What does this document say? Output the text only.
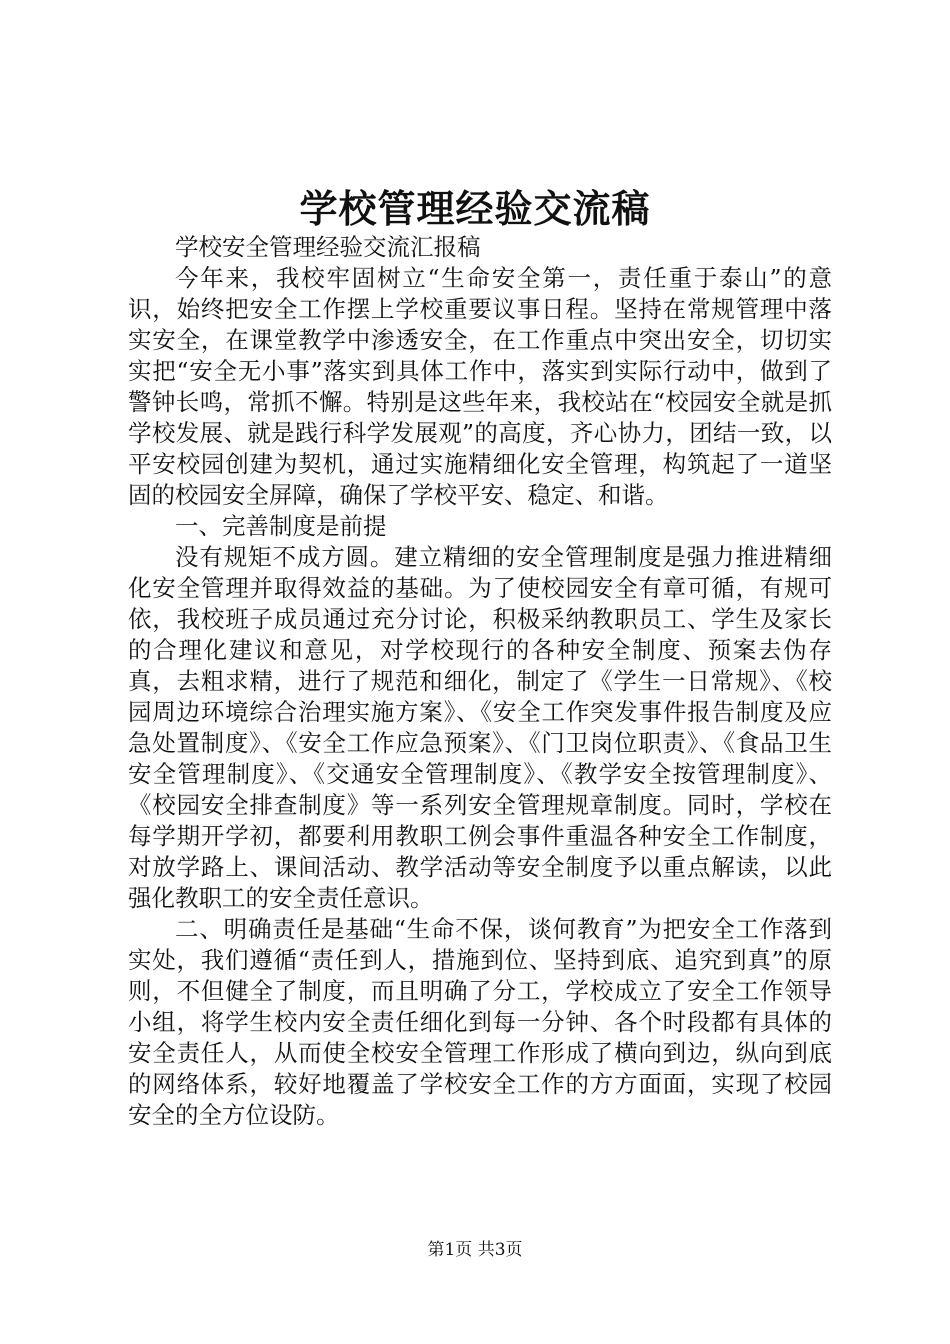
学校管理经验交流稿

学校安全管理经验交流汇报稿

今年来，我校牢固树立“生命安全第一，责任重于泰山”的意识，始终把安全工作摆上学校重要议事日程。坚持在常规管理中落实安全，在课堂教学中渗透安全，在工作重点中突出安全，切切实实把“安全无小事”落实到具体工作中，落实到实际行动中，做到了警钟长鸣，常抓不懈。特别是这些年来，我校站在“校园安全就是抓学校发展、就是践行科学发展观”的高度，齐心协力，团结一致，以平安校园创建为契机，通过实施精细化安全管理，构筑起了一道坚固的校园安全屏障，确保了学校平安、稳定、和谐。

一、完善制度是前提

没有规矩不成方圆。建立精细的安全管理制度是强力推进精细化安全管理并取得效益的基础。为了使校园安全有章可循，有规可依，我校班子成员通过充分讨论，积极采纳教职员工、学生及家长的合理化建议和意见，对学校现行的各种安全制度、预案去伪存真，去粗求精，进行了规范和细化，制定了《学生一日常规》、《校园周边环境综合治理实施方案》、《安全工作突发事件报告制度及应急处置制度》、《安全工作应急预案》、《门卫岗位职责》、《食品卫生安全管理制度》、《交通安全管理制度》、《教学安全按管理制度》、《校园安全排查制度》等一系列安全管理规章制度。同时，学校在每学期开学初，都要利用教职工例会事件重温各种安全工作制度，对放学路上、课间活动、教学活动等安全制度予以重点解读，以此强化教职工的安全责任意识。

二、明确责任是基础“生命不保，谈何教育”为把安全工作落到实处，我们遵循“责任到人，措施到位、坚持到底、追究到真”的原则，不但健全了制度，而且明确了分工，学校成立了安全工作领导小组，将学生校内安全责任细化到每一分钟、各个时段都有具体的安全责任人，从而使全校安全管理工作形成了横向到边，纵向到底的网络体系，较好地覆盖了学校安全工作的方方面面，实现了校园安全的全方位设防。

第1页 共3页
